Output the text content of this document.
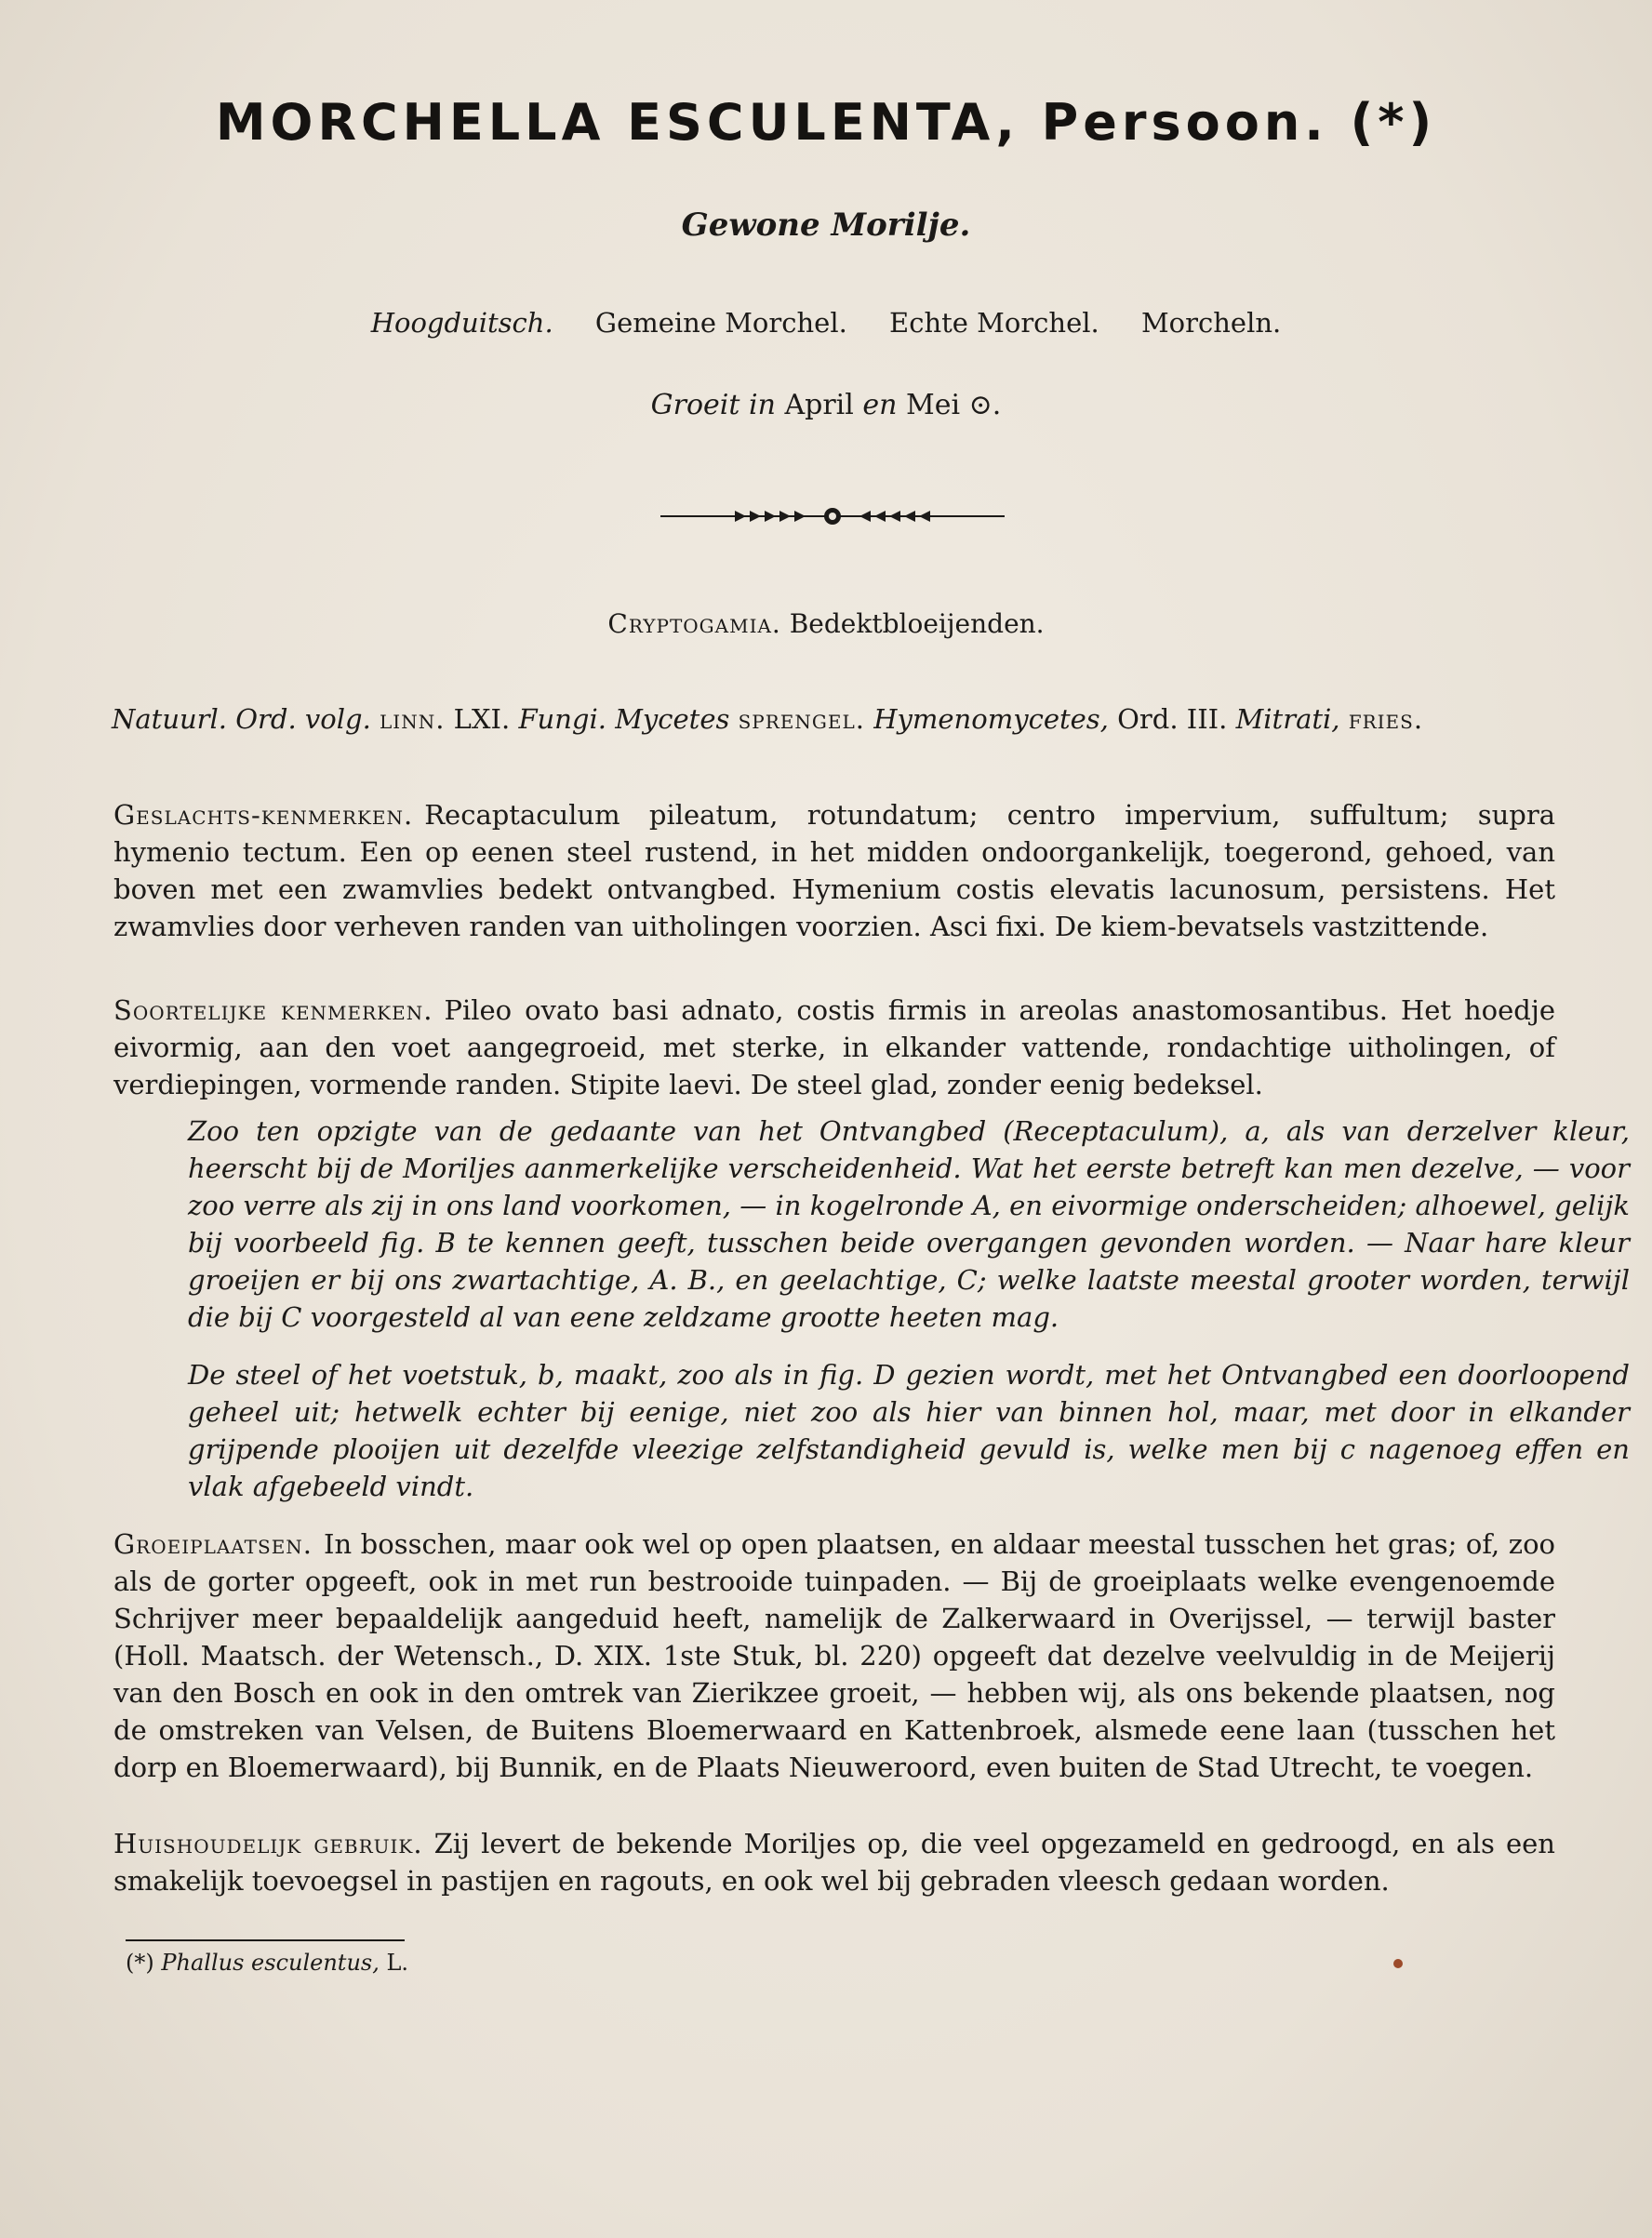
MORCHELLA ESCULENTA, Persoon. (*)
Gewone Morilje.
Hoogduitsch. Gemeine Morchel. Echte Morchel. Morcheln.
Groeit in April en Mei ⊙.
Cryptogamia. Bedektbloeijenden.
Natuurl. Ord. volg. linn. LXI. Fungi. Mycetes sprengel. Hymenomycetes, Ord. III. Mitrati, fries.
Geslachts-kenmerken. Recaptaculum pileatum, rotundatum; centro impervium, suffultum; supra hymenio tectum. Een op eenen steel rustend, in het midden ondoorgankelijk, toegerond, gehoed, van boven met een zwamvlies bedekt ontvangbed. Hymenium costis elevatis lacunosum, persistens. Het zwamvlies door verheven randen van uitholingen voorzien. Asci fixi. De kiem-bevatsels vastzittende.
Soortelijke kenmerken. Pileo ovato basi adnato, costis firmis in areolas anastomosantibus. Het hoedje eivormig, aan den voet aangegroeid, met sterke, in elkander vattende, rondachtige uitholingen, of verdiepingen, vormende randen. Stipite laevi. De steel glad, zonder eenig bedeksel.
Zoo ten opzigte van de gedaante van het Ontvangbed (Receptaculum), a, als van derzelver kleur, heerscht bij de Moriljes aanmerkelijke verscheidenheid. Wat het eerste betreft kan men dezelve, — voor zoo verre als zij in ons land voorkomen, — in kogelronde A, en eivormige onderscheiden; alhoewel, gelijk bij voorbeeld fig. B te kennen geeft, tusschen beide overgangen gevonden worden. — Naar hare kleur groeijen er bij ons zwartachtige, A. B., en geelachtige, C; welke laatste meestal grooter worden, terwijl die bij C voorgesteld al van eene zeldzame grootte heeten mag.
De steel of het voetstuk, b, maakt, zoo als in fig. D gezien wordt, met het Ontvangbed een doorloopend geheel uit; hetwelk echter bij eenige, niet zoo als hier van binnen hol, maar, met door in elkander grijpende plooijen uit dezelfde vleezige zelfstandigheid gevuld is, welke men bij c nagenoeg effen en vlak afgebeeld vindt.
Groeiplaatsen. In bosschen, maar ook wel op open plaatsen, en aldaar meestal tusschen het gras; of, zoo als de gorter opgeeft, ook in met run bestrooide tuinpaden. — Bij de groeiplaats welke evengenoemde Schrijver meer bepaaldelijk aangeduid heeft, namelijk de Zalkerwaard in Overijssel, — terwijl baster (Holl. Maatsch. der Wetensch., D. XIX. 1ste Stuk, bl. 220) opgeeft dat dezelve veelvuldig in de Meijerij van den Bosch en ook in den omtrek van Zierikzee groeit, — hebben wij, als ons bekende plaatsen, nog de omstreken van Velsen, de Buitens Bloemerwaard en Kattenbroek, alsmede eene laan (tusschen het dorp en Bloemerwaard), bij Bunnik, en de Plaats Nieuweroord, even buiten de Stad Utrecht, te voegen.
Huishoudelijk gebruik. Zij levert de bekende Moriljes op, die veel opgezameld en gedroogd, en als een smakelijk toevoegsel in pastijen en ragouts, en ook wel bij gebraden vleesch gedaan worden.
(*) Phallus esculentus, L.
